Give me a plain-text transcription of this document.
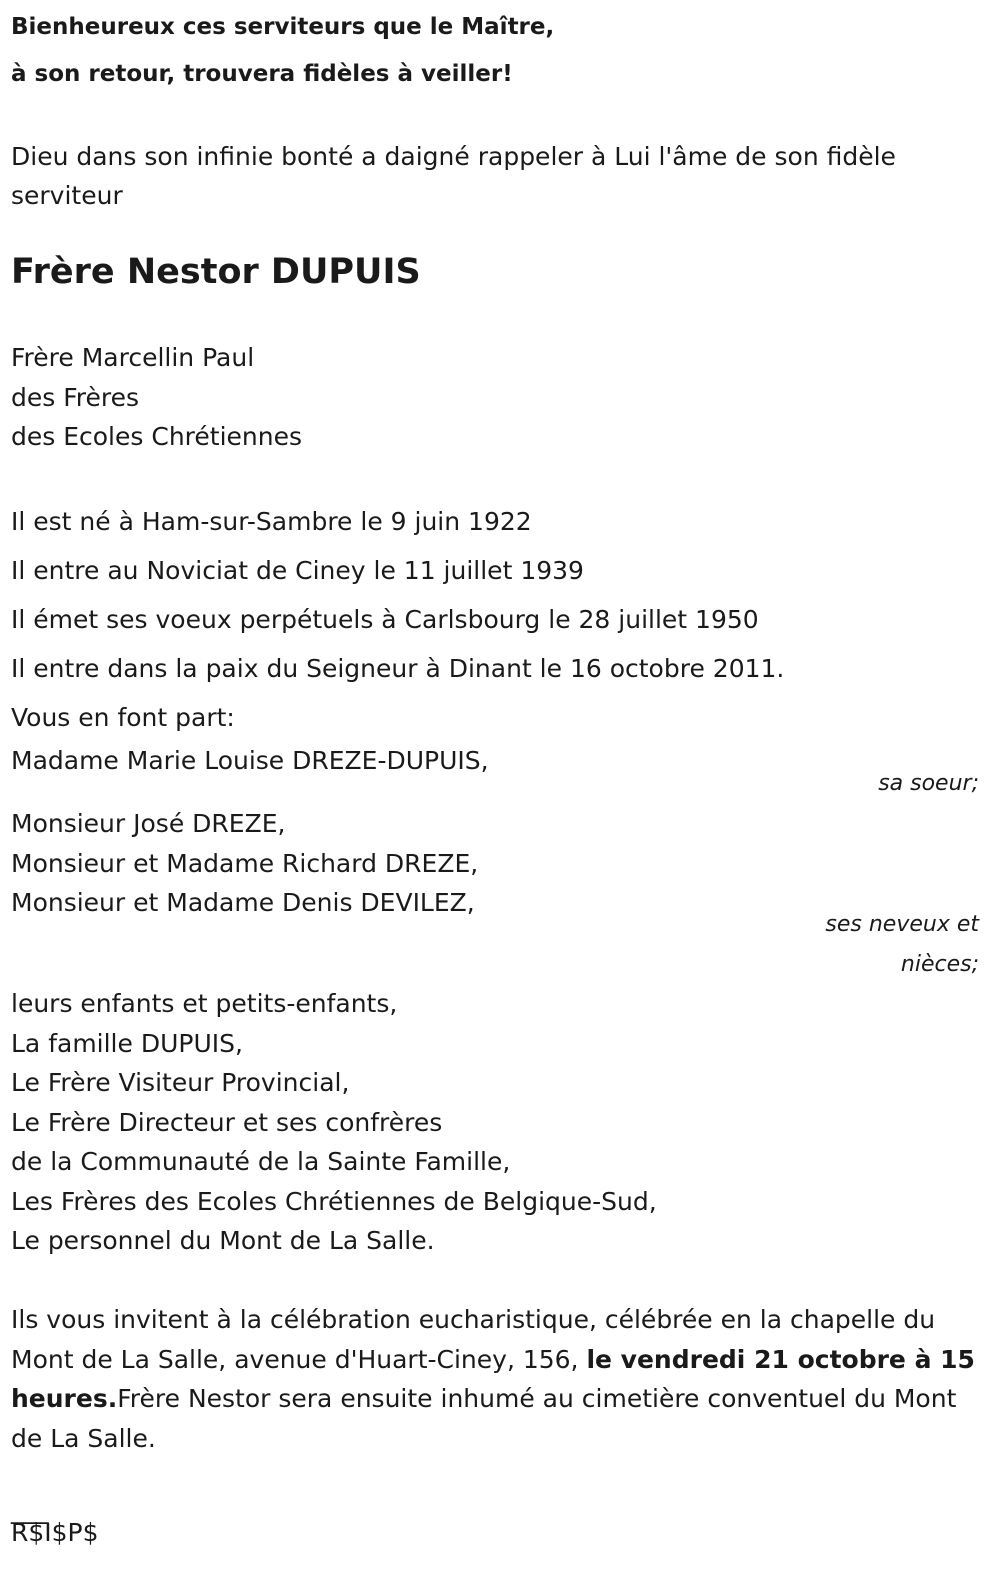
Bienheureux ces serviteurs que le Maître,

à son retour, trouvera fidèles à veiller!

Dieu dans son infinie bonté a daigné rappeler à Lui l'âme de son fidèle serviteur

Frère Nestor DUPUIS
Frère Marcellin Paul
des Frères
des Ecoles Chrétiennes
Il est né à Ham-sur-Sambre le 9 juin 1922
Il entre au Noviciat de Ciney le 11 juillet 1939
Il émet ses voeux perpétuels à Carlsbourg le 28 juillet 1950
Il entre dans la paix du Seigneur à Dinant le 16 octobre 2011.
Vous en font part:
Madame Marie Louise DREZE-DUPUIS,
sa soeur;
Monsieur José DREZE,
Monsieur et Madame Richard DREZE,
Monsieur et Madame Denis DEVILEZ,
ses neveux et
nièces;
leurs enfants et petits-enfants,
La famille DUPUIS,
Le Frère Visiteur Provincial,
Le Frère Directeur et ses confrères
de la Communauté de la Sainte Famille,
Les Frères des Ecoles Chrétiennes de Belgique-Sud,
Le personnel du Mont de La Salle.

Ils vous invitent à la célébration eucharistique, célébrée en la chapelle du Mont de La Salle, avenue d'Huart-Ciney, 156, le vendredi 21 octobre à 15 heures.Frère Nestor sera ensuite inhumé au cimetière conventuel du Mont de La Salle.

___
R$I$P$
